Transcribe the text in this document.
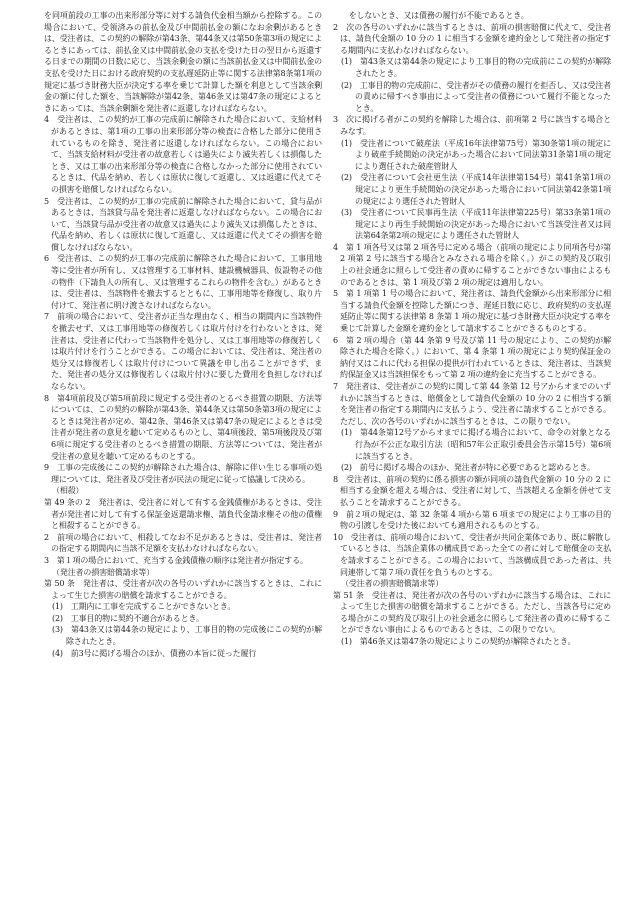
を同項前段の工事の出来形部分等に対する請負代金相当額から控除する。この場合において、受領済みの前払金及び中間前払金の額になお余剰があるときは、受注者は、この契約の解除が第43条、第44条又は第50条第3項の規定によるときにあっては、前払金又は中間前払金の支払を受けた日の翌日から返還する日までの期間の日数に応じ、当該余剰金の額に当該前払金又は中間前払金の支払を受けた日における政府契約の支払遅延防止等に関する法律第8条第1項の規定に基づき財務大臣が決定する率を乗じて計算した額を利息として当該余剰金の額に付した額を、当該解除が第42条、第46条又は第47条の規定によるときにあっては、当該余剰額を発注者に返還しなければならない。

4　受注者は、この契約が工事の完成前に解除された場合において、支給材料があるときは、第1項の工事の出来形部分等の検査に合格した部分に使用されているものを除き、発注者に返還しなければならない。この場合において、当該支給材料が受注者の故意若しくは過失により滅失若しくは損傷したとき、又は工事の出来形部分等の検査に合格しなかった部分に使用されているときは、代品を納め、若しくは原状に復して返還し、又は返還に代えてその損害を賠償しなければならない。

5　受注者は、この契約が工事の完成前に解除された場合において、貸与品があるときは、当該貸与品を発注者に返還しなければならない。この場合において、当該貸与品が受注者の故意又は過失により滅失又は損傷したときは、代品を納め、若しくは原状に復して返還し、又は返還に代えてその損害を賠償しなければならない。

6　受注者は、この契約が工事の完成前に解除された場合において、工事用地等に受注者が所有し、又は管理する工事材料、建設機械器具、仮設物その他の物件（下請負人の所有し、又は管理するこれらの物件を含む。）があるときは、受注者は、当該物件を撤去するとともに、工事用地等を修復し、取り片付けて、発注者に明け渡さなければならない。

7　前項の場合において、受注者が正当な理由なく、相当の期間内に当該物件を撤去せず、又は工事用地等の修復若しくは取片付けを行わないときは、発注者は、受注者に代わって当該物件を処分し、又は工事用地等の修復若しくは取片付けを行うことができる。この場合においては、受注者は、発注者の処分又は修復若しくは取片付けについて異議を申し出ることができず、また、発注者の処分又は修復若しくは取片付けに要した費用を負担しなければならない。

8　第4項前段及び第5項前段に規定する受注者のとるべき措置の期限、方法等については、この契約の解除が第43条、第44条又は第50条第3項の規定によるときは発注者が定め、第42条、第46条又は第47条の規定によるときは受注者が発注者の意見を聴いて定めるものとし、第4項後段、第5項後段及び第6項に規定する受注者のとるべき措置の期限、方法等については、発注者が受注者の意見を聴いて定めるものとする。

9　工事の完成後にこの契約が解除された場合は、解除に伴い生じる事項の処理については、発注者及び受注者が民法の規定に従って協議して決める。

（相殺）

第 49 条の 2　発注者は、受注者に対して有する金銭債権があるときは、受注者が発注者に対して有する保証金返還請求権、請負代金請求権その他の債権と相殺することができる。

2　前項の場合において、相殺してなお不足があるときは、受注者は、発注者の指定する期間内に当該不足額を支払わなければならない。

3　第１項の場合において、充当する金銭債権の順序は発注者が指定する。

（発注者の損害賠償請求等）

第 50 条　発注者は、受注者が次の各号のいずれかに該当するときは、これによって生じた損害の賠償を請求することができる。

(1)　工期内に工事を完成することができないとき。

(2)　工事目的物に契約不適合があるとき。

(3)　第43条又は第44条の規定により、工事目的物の完成後にこの契約が解除されたとき。

(4)　前3号に掲げる場合のほか、債務の本旨に従った履行

　　をしないとき、又は債務の履行が不能であるとき。

2　次の各号のいずれかに該当するときは、前項の損害賠償に代えて、受注者は、請負代金額の 10 分の 1 に相当する金額を違約金として発注者の指定する期間内に支払わなければならない。

(1)　第43条又は第44条の規定により工事目的物の完成前にこの契約が解除されたとき。

(2)　工事目的物の完成前に、受注者がその債務の履行を拒否し、又は受注者の責めに帰すべき事由によって受注者の債務について履行不能となったとき。

3　次に掲げる者がこの契約を解除した場合は、前項第 2 号に該当する場合とみなす。

(1)　受注者について破産法（平成16年法律第75号）第30条第1項の規定により破産手続開始の決定があった場合において同法第31条第1項の規定により選任された破産管財人

(2)　受注者について会社更生法（平成14年法律第154号）第41条第1項の規定により更生手続開始の決定があった場合において同法第42条第1項の規定により選任された管財人

(3)　受注者について民事再生法（平成11年法律第225号）第33条第1項の規定により再生手続開始の決定があった場合において当該受注者又は同法第64条第2項の規定により選任された管財人

4　第 1 項各号又は第 2 項各号に定める場合（前項の規定により同項各号が第 2 項第 2 号に該当する場合とみなされる場合を除く。）がこの契約及び取引上の社会通念に照らして受注者の責めに帰することができない事由によるものであるときは、第 1 項及び第 2 項の規定は適用しない。

5　第 1 項第 1 号の場合において、発注者は、請負代金額から出来形部分に相当する請負代金額を控除した額につき、遅延日数に応じ、政府契約の支払遅延防止等に関する法律第 8 条第 1 項の規定に基づき財務大臣が決定する率を乗じて計算した金額を違約金として請求することができるものとする。

6　第 2 項の場合（第 44 条第 9 号及び第 11 号の規定により、この契約が解除された場合を除く。）において、第 4 条第 1 項の規定により契約保証金の納付又はこれに代わる担保の提供が行われているときは、発注者は、当該契約保証金又は当該担保をもって第 2 項の違約金に充当することができる。

7　発注者は、受注者がこの契約に関して第 44 条第 12 号アからオまでのいずれかに該当するときは、賠償金として請負代金額の 10 分の 2 に相当する額を発注者の指定する期間内に支払うよう、受注者に請求することができる。ただし、次の各号のいずれかに該当するときは、この限りでない。

(1)　第44条第12号アからオまでに掲げる場合において、命令の対象となる行為が不公正な取引方法（昭和57年公正取引委員会告示第15号）第6項に該当するとき。

(2)　前号に掲げる場合のほか、発注者が特に必要であると認めるとき。

8　受注者は、前項の契約に係る損害の額が同項の請負代金額の 10 分の 2 に相当する金額を超える場合は、受注者に対して、当該超える金額を併せて支払うことを請求することができる。

9　前２項の規定は、第 32 条第 4 項から第 6 項までの規定により工事の目的物の引渡しを受けた後においても適用されるものとする。

10　受注者は、前項の場合において、受注者が共同企業体であり、既に解散しているときは、当該企業体の構成員であった全ての者に対して賠償金の支払を請求することができる。この場合において、当該構成員であった者は、共同連帯して第７項の責任を負うものとする。

（受注者の損害賠償請求等）

第 51 条　受注者は、発注者が次の各号のいずれかに該当する場合は、これによって生じた損害の賠償を請求することができる。ただし、当該各号に定める場合がこの契約及び取引上の社会通念に照らして発注者の責めに帰することができない事由によるものであるときは、この限りでない。

(1)　第46条又は第47条の規定によりこの契約が解除されたとき。
